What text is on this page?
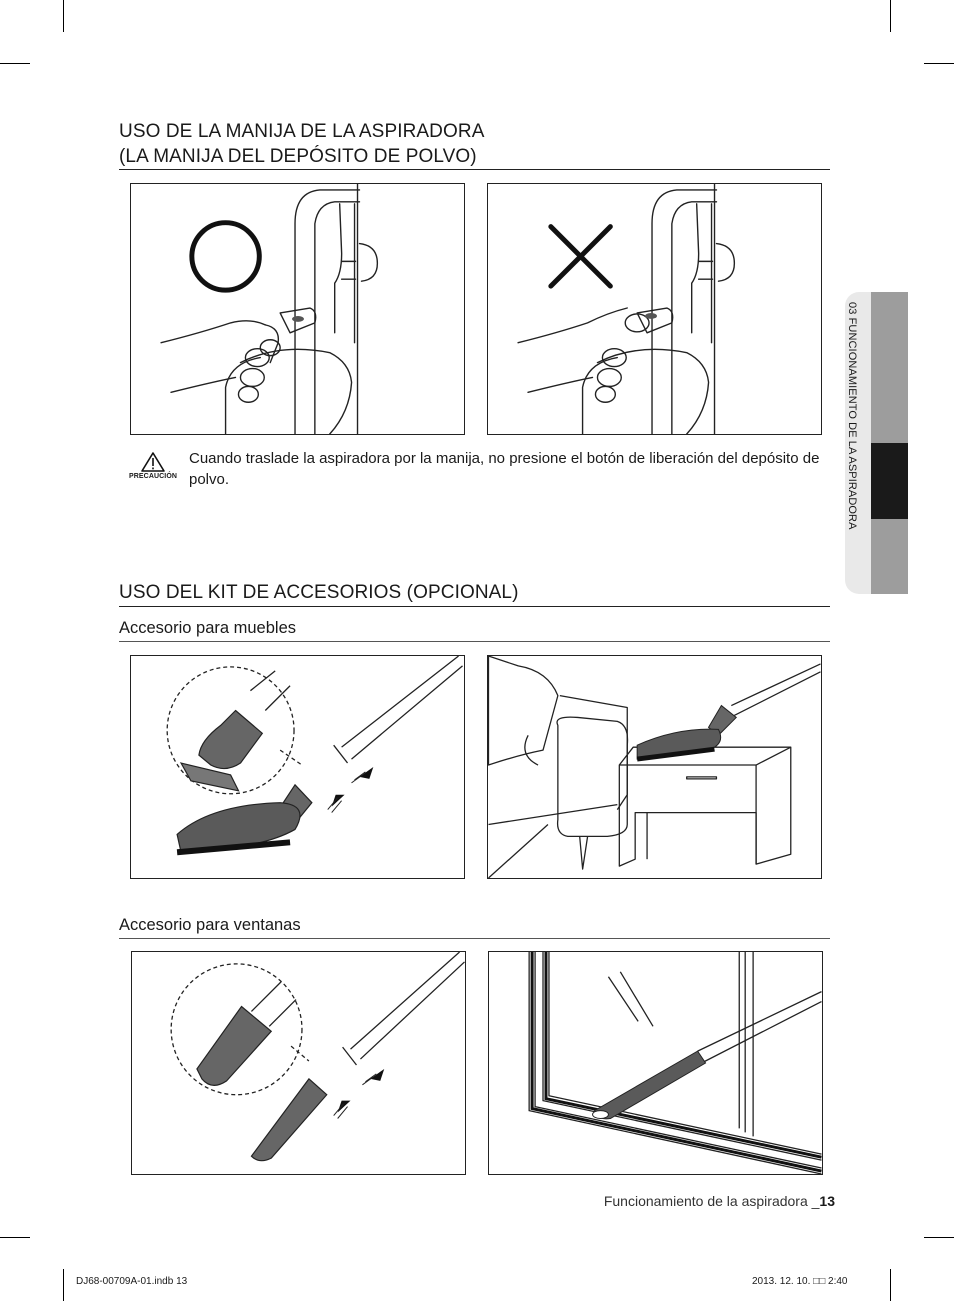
USO DE LA MANIJA DE LA ASPIRADORA
(LA MANIJA DEL DEPÓSITO DE POLVO)
PRECAUCIÓN
Cuando traslade la aspiradora por la manija, no presione el botón de liberación del depósito de polvo.
USO DEL KIT DE ACCESORIOS (OPCIONAL)
Accesorio para muebles
Accesorio para ventanas
03 FUNCIONAMIENTO DE LA ASPIRADORA
Funcionamiento de la aspiradora _13
DJ68-00709A-01.indb 13	2013. 12. 10. □□ 2:40
